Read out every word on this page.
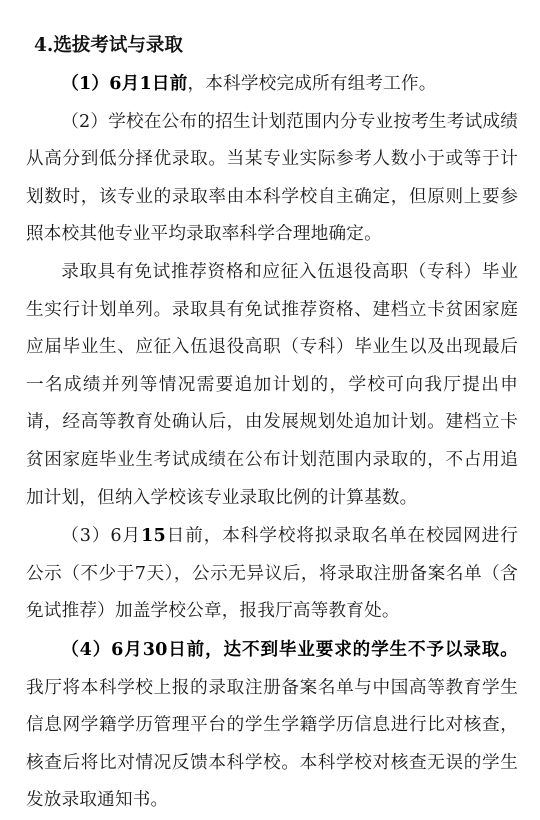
4.选拔考试与录取

（1）6月1日前，本科学校完成所有组考工作。

（2）学校在公布的招生计划范围内分专业按考生考试成绩从高分到低分择优录取。当某专业实际参考人数小于或等于计划数时，该专业的录取率由本科学校自主确定，但原则上要参照本校其他专业平均录取率科学合理地确定。

录取具有免试推荐资格和应征入伍退役高职（专科）毕业生实行计划单列。录取具有免试推荐资格、建档立卡贫困家庭应届毕业生、应征入伍退役高职（专科）毕业生以及出现最后一名成绩并列等情况需要追加计划的，学校可向我厅提出申请，经高等教育处确认后，由发展规划处追加计划。建档立卡贫困家庭毕业生考试成绩在公布计划范围内录取的，不占用追加计划，但纳入学校该专业录取比例的计算基数。

（3）6月15日前，本科学校将拟录取名单在校园网进行公示（不少于7天），公示无异议后，将录取注册备案名单（含免试推荐）加盖学校公章，报我厅高等教育处。

（4）6月30日前，达不到毕业要求的学生不予以录取。我厅将本科学校上报的录取注册备案名单与中国高等教育学生信息网学籍学历管理平台的学生学籍学历信息进行比对核查，核查后将比对情况反馈本科学校。本科学校对核查无误的学生发放录取通知书。
